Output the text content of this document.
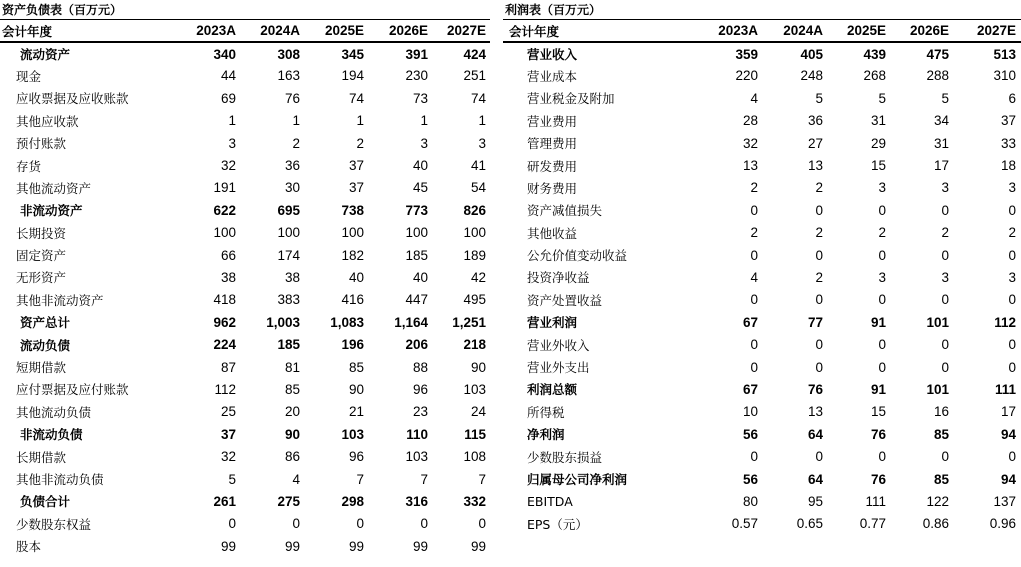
资产负债表（百万元）
会计年度	2023A	2024A	2025E	2026E	2027E	
流动资产	340	308	345	391	424	
现金	44	163	194	230	251	
应收票据及应收账款	69	76	74	73	74	
其他应收款	1	1	1	1	1	
预付账款	3	2	2	3	3	
存货	32	36	37	40	41	
其他流动资产	191	30	37	45	54	
非流动资产	622	695	738	773	826	
长期投资	100	100	100	100	100	
固定资产	66	174	182	185	189	
无形资产	38	38	40	40	42	
其他非流动资产	418	383	416	447	495	
资产总计	962	1,003	1,083	1,164	1,251	
流动负债	224	185	196	206	218	
短期借款	87	81	85	88	90	
应付票据及应付账款	112	85	90	96	103	
其他流动负债	25	20	21	23	24	
非流动负债	37	90	103	110	115	
长期借款	32	86	96	103	108	
其他非流动负债	5	4	7	7	7	
负债合计	261	275	298	316	332	
少数股东权益	0	0	0	0	0	
股本	99	99	99	99	99	
利润表（百万元）
会计年度	2023A	2024A	2025E	2026E	2027E	
营业收入	359	405	439	475	513	
营业成本	220	248	268	288	310	
营业税金及附加	4	5	5	5	6	
营业费用	28	36	31	34	37	
管理费用	32	27	29	31	33	
研发费用	13	13	15	17	18	
财务费用	2	2	3	3	3	
资产减值损失	0	0	0	0	0	
其他收益	2	2	2	2	2	
公允价值变动收益	0	0	0	0	0	
投资净收益	4	2	3	3	3	
资产处置收益	0	0	0	0	0	
营业利润	67	77	91	101	112	
营业外收入	0	0	0	0	0	
营业外支出	0	0	0	0	0	
利润总额	67	76	91	101	111	
所得税	10	13	15	16	17	
净利润	56	64	76	85	94	
少数股东损益	0	0	0	0	0	
归属母公司净利润	56	64	76	85	94	
EBITDA	80	95	111	122	137	
EPS（元）	0.57	0.65	0.77	0.86	0.96	
